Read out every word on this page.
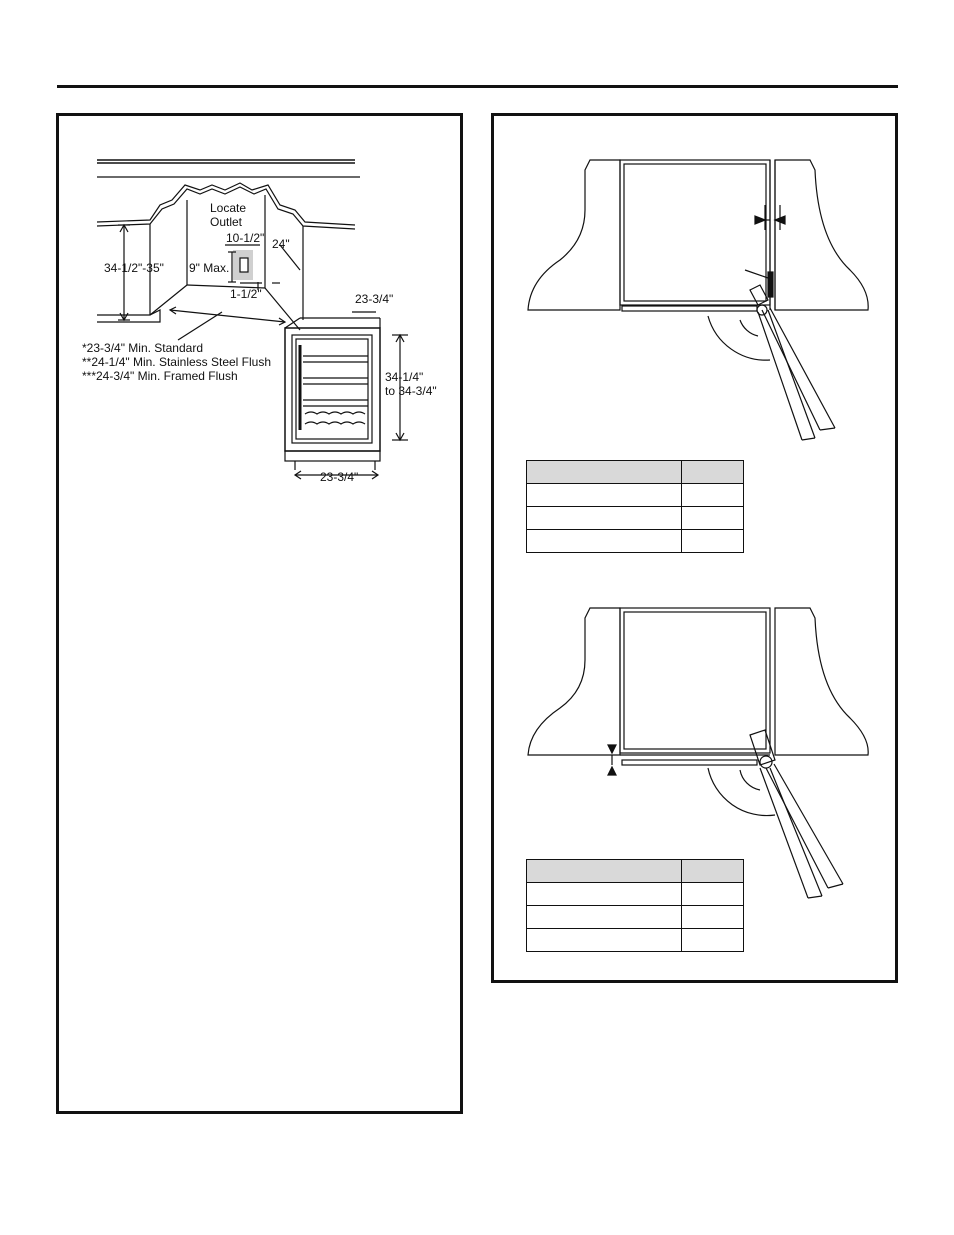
Locate
Outlet
10-1/2"
9" Max.
1-1/2"
24"
34-1/2"-35"
*23-3/4" Min. Standard
**24-1/4" Min. Stainless Steel Flush
***24-3/4" Min. Framed Flush
23-3/4"
34-1/4"
to 34-3/4"
23-3/4"
